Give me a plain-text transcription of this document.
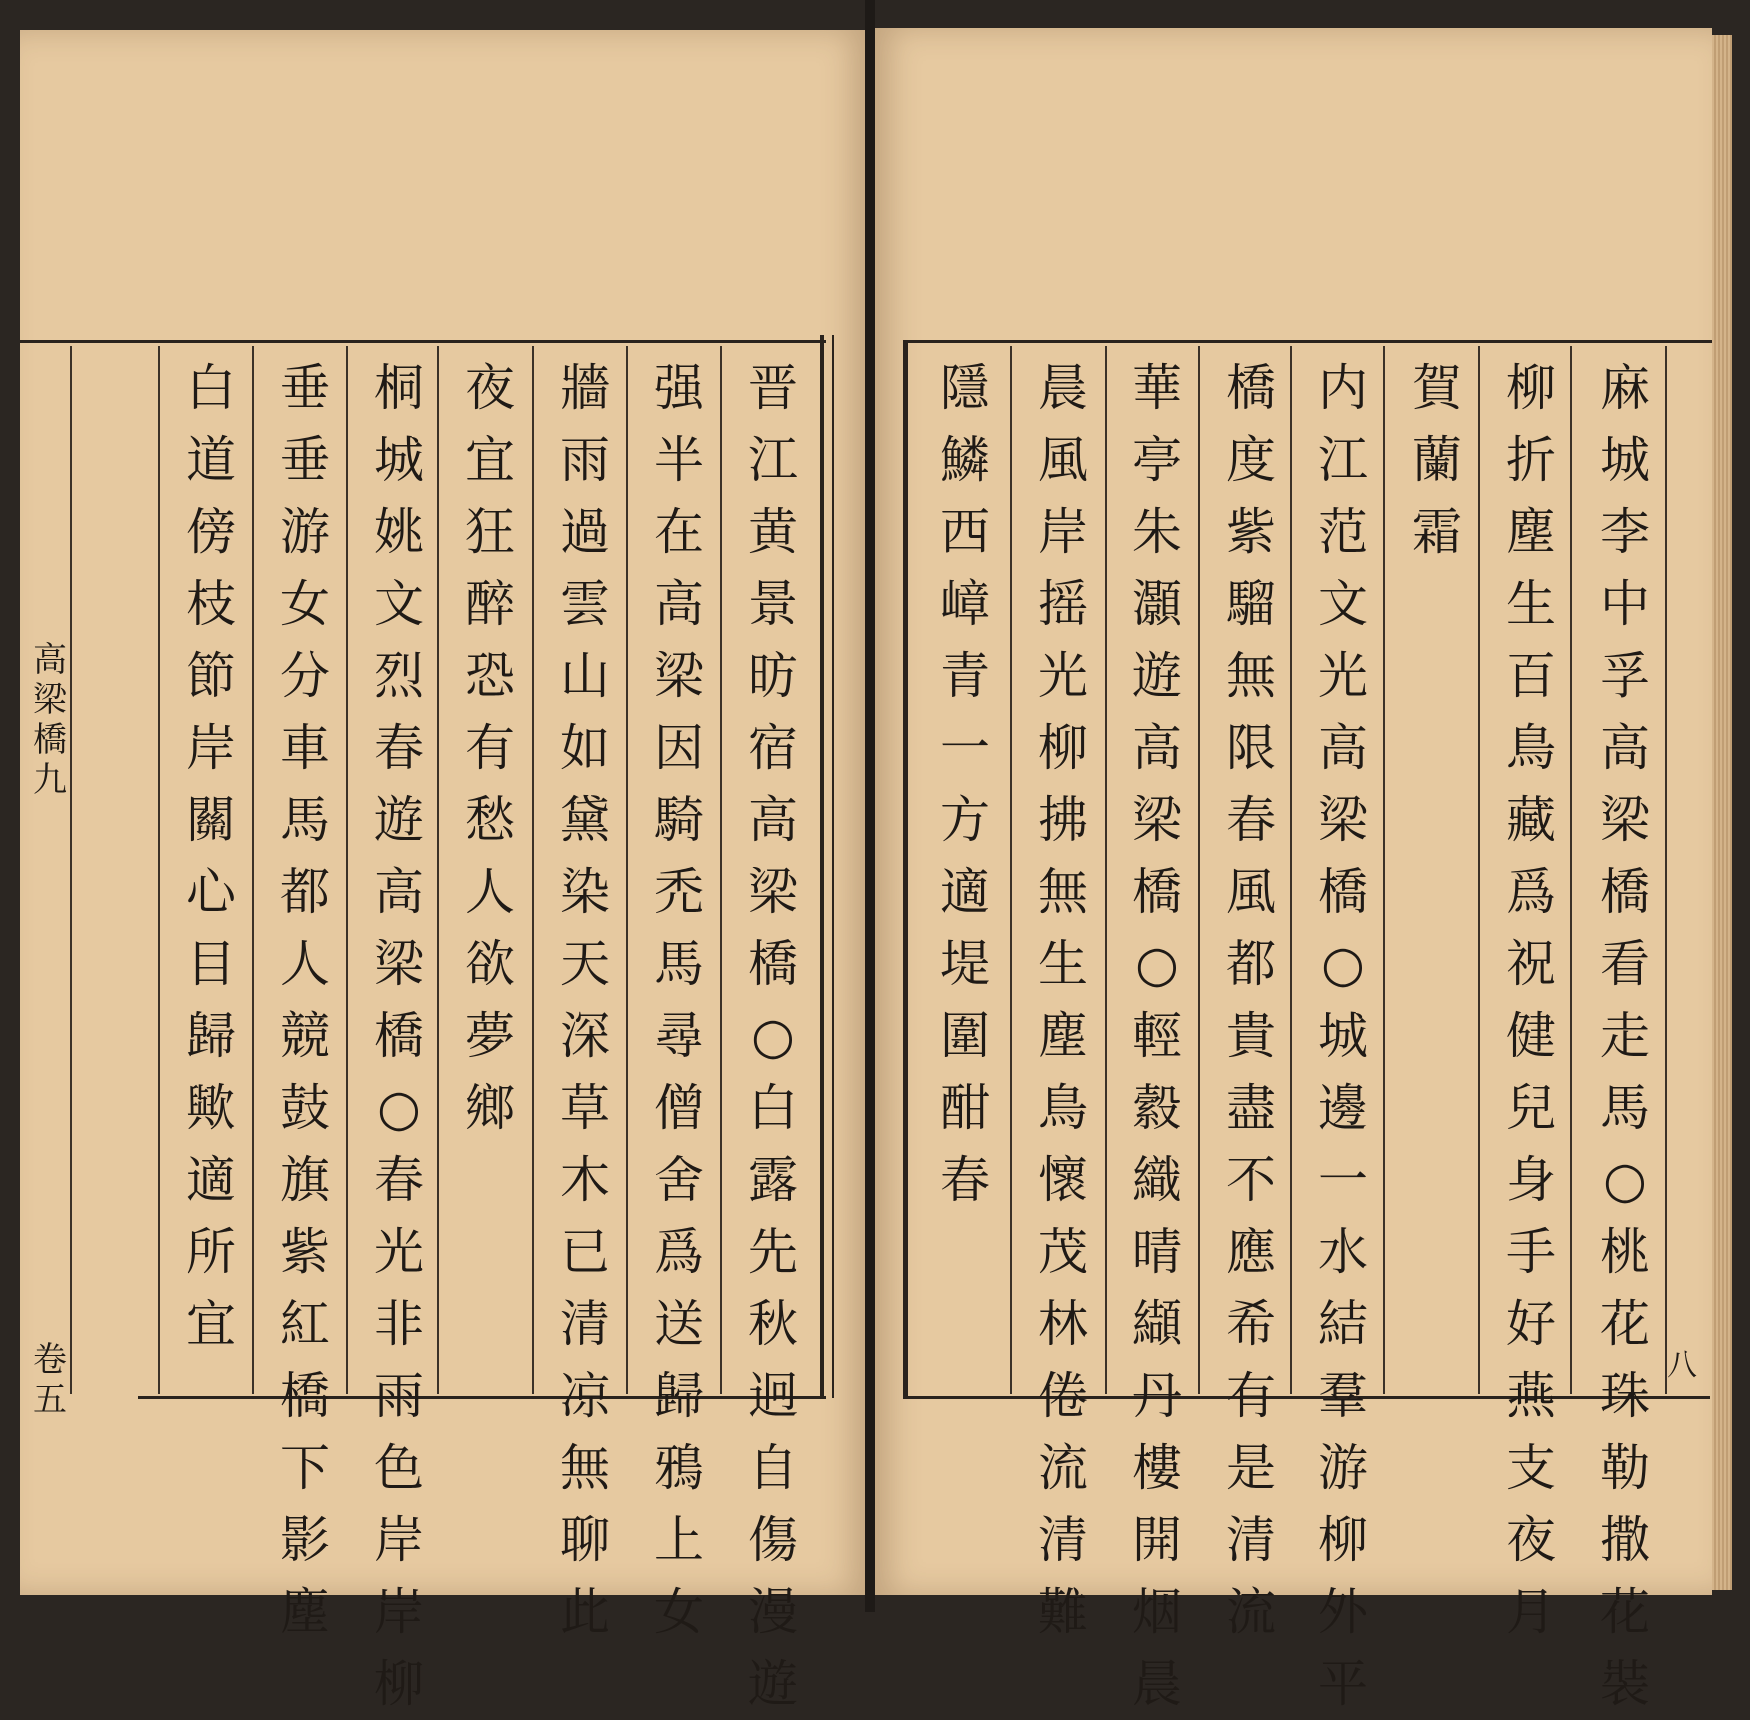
高
梁
橋
九
卷
五
晋
江
黄
景
昉
宿
高
梁
橋
○
白
露
先
秋
迥
自
傷
漫
遊
强
半
在
高
梁
因
騎
禿
馬
尋
僧
舍
爲
送
歸
鴉
上
女
牆
雨
過
雲
山
如
黛
染
天
深
草
木
已
清
凉
無
聊
此
夜
宜
狂
醉
恐
有
愁
人
欲
夢
鄉
桐
城
姚
文
烈
春
遊
高
梁
橋
○
春
光
非
雨
色
岸
岸
柳
垂
垂
游
女
分
車
馬
都
人
競
鼓
旗
紫
紅
橋
下
影
塵
白
道
傍
枝
節
岸
關
心
目
歸
歟
適
所
宜
麻
城
李
中
孚
高
梁
橋
看
走
馬
○
桃
花
珠
勒
撒
花
裝
柳
折
塵
生
百
鳥
藏
爲
祝
健
兒
身
手
好
燕
支
夜
月
賀
蘭
霜
内
江
范
文
光
高
梁
橋
○
城
邊
一
水
結
羣
游
柳
外
平
橋
度
紫
騮
無
限
春
風
都
貴
盡
不
應
希
有
是
清
流
華
亭
朱
灝
遊
高
梁
橋
○
輕
縠
織
晴
纈
丹
樓
開
烟
晨
晨
風
岸
摇
光
柳
拂
無
生
塵
鳥
懷
茂
林
倦
流
清
難
隱
鱗
西
嶂
青
一
方
適
堤
圍
酣
春
八
